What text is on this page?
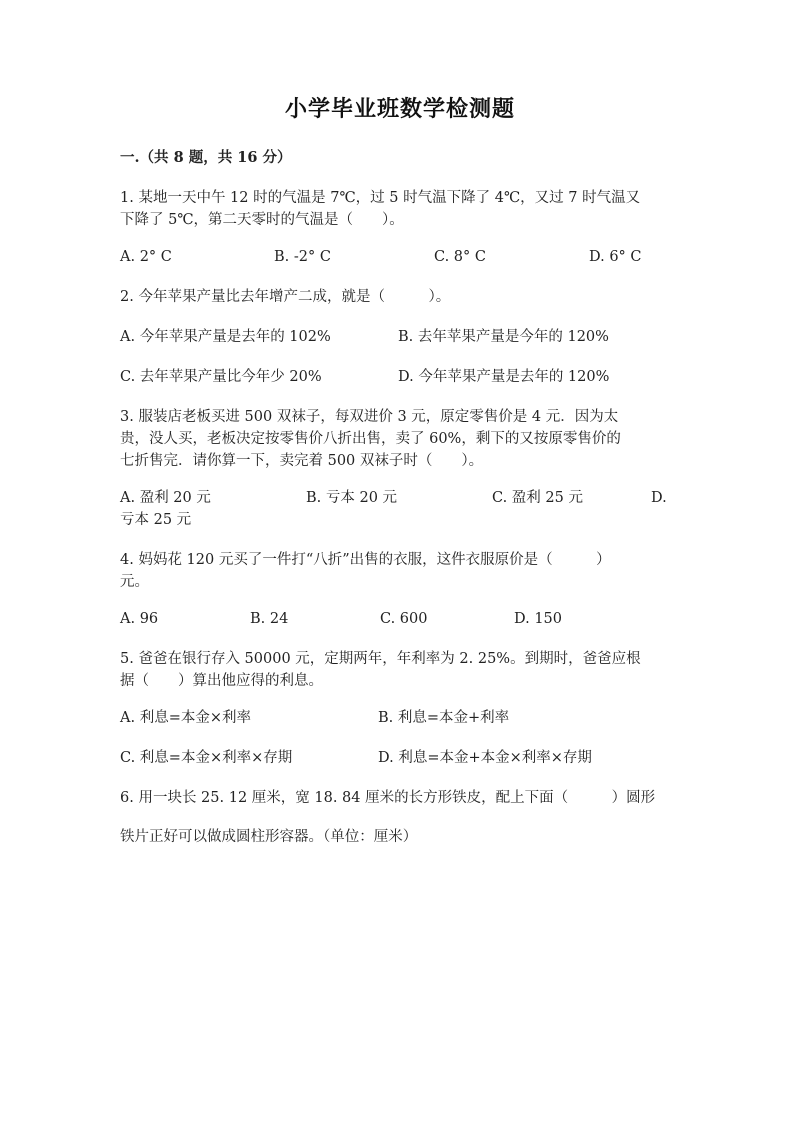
小学毕业班数学检测题
一.（共 8 题，共 16 分）
1. 某地一天中午 12 时的气温是 7℃，过 5 时气温下降了 4℃，又过 7 时气温又
下降了 5℃，第二天零时的气温是（　　）。
A. 2° C	B. -2° C	C. 8° C	D. 6° C
2. 今年苹果产量比去年增产二成，就是（　　　）。
A. 今年苹果产量是去年的 102%	B. 去年苹果产量是今年的 120%
C. 去年苹果产量比今年少 20%	D. 今年苹果产量是去年的 120%
3. 服装店老板买进 500 双袜子，每双进价 3 元，原定零售价是 4 元．因为太
贵，没人买，老板决定按零售价八折出售，卖了 60%，剩下的又按原零售价的
七折售完．请你算一下，卖完着 500 双袜子时（　　）。
A. 盈利 20 元	B. 亏本 20 元	C. 盈利 25 元	D.
亏本 25 元
4. 妈妈花 120 元买了一件打“八折”出售的衣服，这件衣服原价是（　　　）
元。
A. 96	B. 24	C. 600	D. 150
5. 爸爸在银行存入 50000 元，定期两年，年利率为 2. 25%。到期时，爸爸应根
据（　　）算出他应得的利息。
A. 利息=本金×利率	B. 利息=本金+利率
C. 利息=本金×利率×存期	D. 利息=本金+本金×利率×存期
6. 用一块长 25. 12 厘米，宽 18. 84 厘米的长方形铁皮，配上下面（　　　）圆形
铁片正好可以做成圆柱形容器。（单位：厘米）
